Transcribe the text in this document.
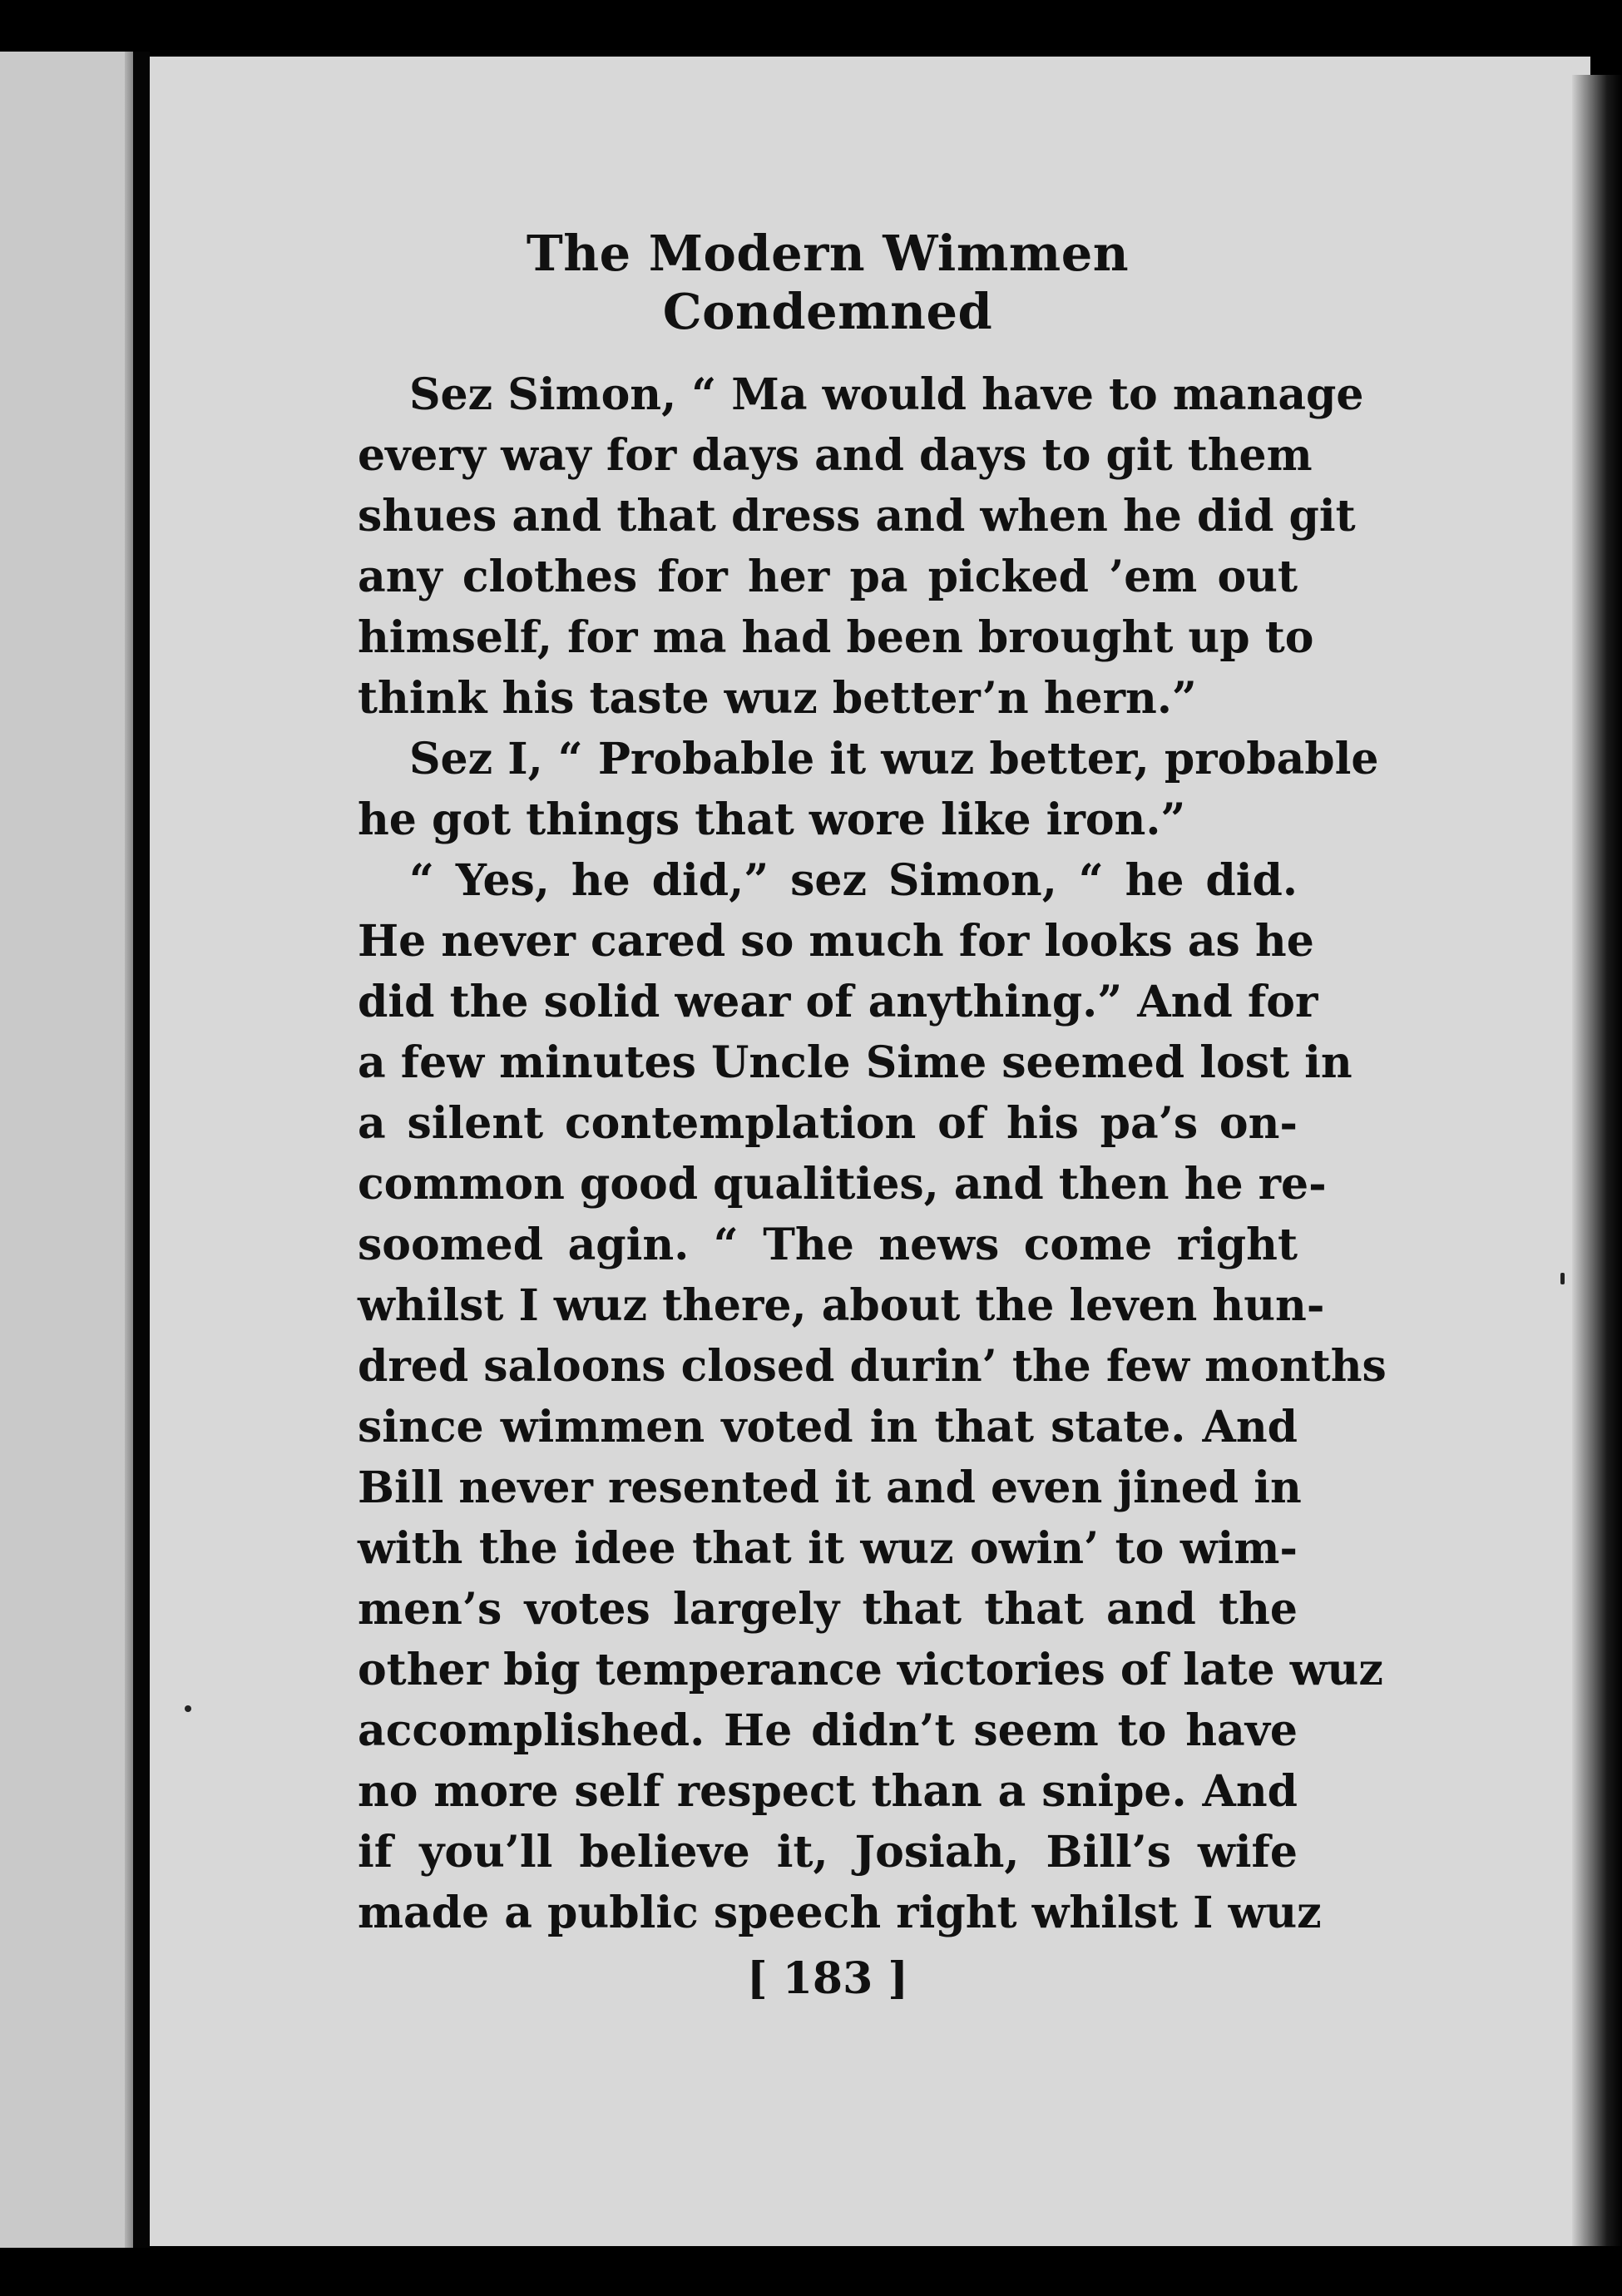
The Modern Wimmen Condemned
Sez Simon, “ Ma would have to manage
every way for days and days to git them
shues and that dress and when he did git
any clothes for her pa picked ’em out
himself, for ma had been brought up to
think his taste wuz better’n hern.”
Sez I, “ Probable it wuz better, probable
he got things that wore like iron.”
“ Yes, he did,” sez Simon, “ he did.
He never cared so much for looks as he
did the solid wear of anything.” And for
a few minutes Uncle Sime seemed lost in
a silent contemplation of his pa’s on-
common good qualities, and then he re-
soomed agin. “ The news come right
whilst I wuz there, about the leven hun-
dred saloons closed durin’ the few months
since wimmen voted in that state. And
Bill never resented it and even jined in
with the idee that it wuz owin’ to wim-
men’s votes largely that that and the
other big temperance victories of late wuz
accomplished. He didn’t seem to have
no more self respect than a snipe. And
if you’ll believe it, Josiah, Bill’s wife
made a public speech right whilst I wuz
[ 183 ]
